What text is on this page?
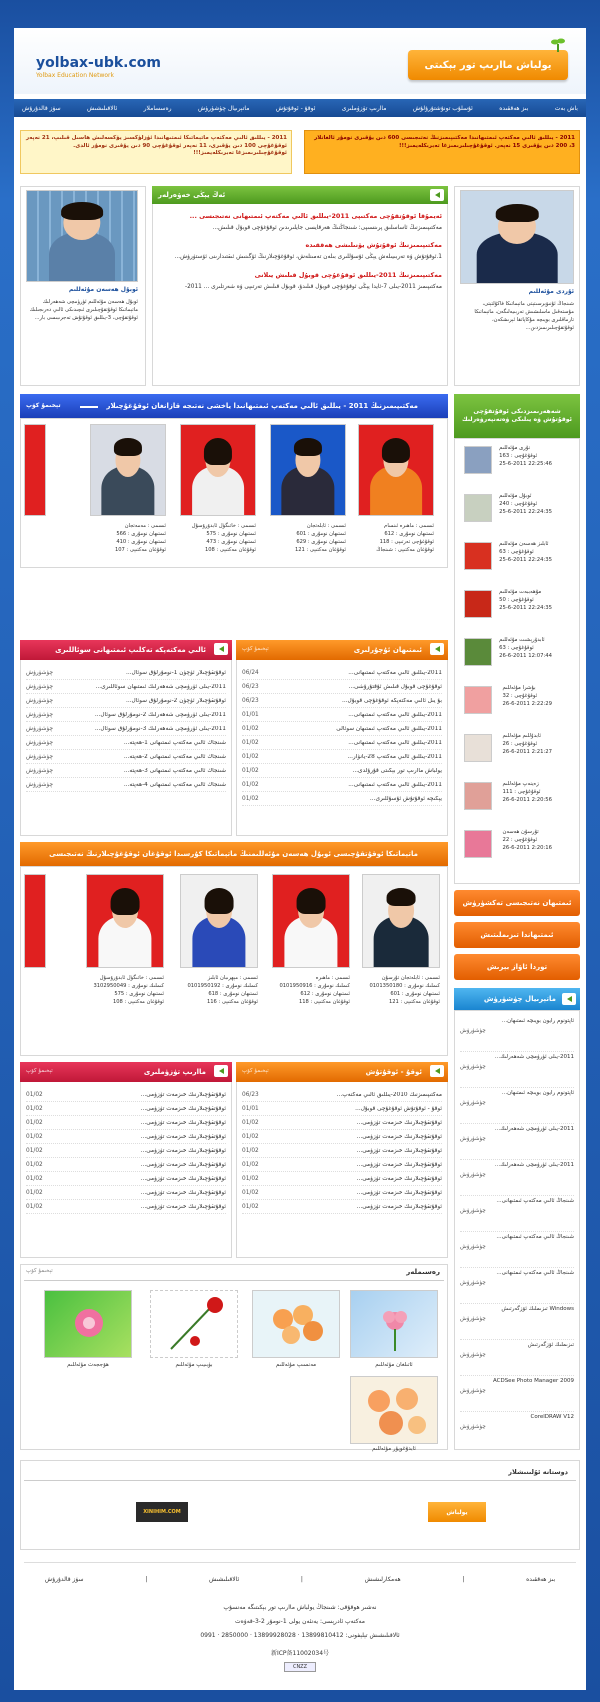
yolbax-ubk.com
Yolbax Education Network
يولباش ماارىپ تور بېكىتى
باش بەت
بىز ھەققىدە
ئۇسلۇب تونۇشتۇرۇلۇش
ماارىپ تۈزۈملىرى
ئوقۇ - ئوقۇتۇش
ماتېرىيال چۈشۈرۈش
رەسساملار
ئالاقىلىشىش
سۆز قالدۇرۇش
2011 - يىللىق ئالىي مەكتەپ ماتېماتىكا ئىمتىھانىدا ئۈزلۈكسىز يۈكسەلىش ھاسىل قىلىپ، 21 نەپەر ئوقۇغۇچى 100 دىن يۇقىرى، 11 نەپەر ئوقۇغۇچى 90 دىن يۇقىرى نومۇر ئالدى. ئوقۇغۇچىلىرىمىزغا تەبرىكلەيمىز!!!
2011 - يىللىق ئالىي مەكتەپ ئىمتىھانىدا مەكتىپىمىزنىڭ نەتىجىسى 600 دىن يۇقىرى نومۇر ئالغانلار 3، 200 دىن يۇقىرى 15 نەپەر. ئوقۇغۇچىلىرىمىزغا تەبرىكلەيمىز!!!
ئوبۇل ھەسەن مۇئەللىم
ئوبۇل ھەسەن مۇئەللىم ئۈرۈمچى شەھەرلىك ماتېماتىكا ئوقۇتقۇچىلىرى ئىچىدىكى ئالىي دەرىجىلىك ئوقۇتقۇچى، 3-يىللىق ئوقۇتۇش تەجرىبىسى بار...
ئۇردى مۇئەللىم
شىنجاڭ ئۇنىۋېرسىتېتى ماتېماتىكا فاكۇلتېتى، مۇستەقىل ماسلىشىش تەربىيەلىگەن، ماتېماتىكا تارماقلىرى بويىچە مۇكاپاتقا ئېرىشكەن، ئوقۇتقۇچىلىرىمىزدىن...
ئەڭ يېڭى خەۋەرلەر
ئەيمۇقا ئوقۇتقۇچى مەكتىپى 2011-يىللىق ئالىي مەكتەپ ئىمتىھانى نەتىجىسى ...
مەكتىپىمىزنىڭ ئاساسلىق پرىنسىپى: شىنجاڭنىڭ ھەرقايسى جايلىرىدىن ئوقۇغۇچى قوبۇل قىلىش...
مەكتىپىمىزنىڭ ئوقۇتۇش يۆنىلىشى ھەققىدە
1.ئوقۇتۇش ۋە تەربىيىلەش يېڭى ئۇسۇللىرى بىلەن تەمىنلەش، ئوقۇغۇچىلارنىڭ ئۆگىنىش ئىقتىدارىنى ئۆستۈرۈش...
مەكتىپىمىزنىڭ 2011-يىللىق ئوقۇغۇچى قوبۇل قىلىش يىلانى
مەكتىپىمىز 2011-يىلى 7-ئايدا يېڭى ئوقۇغۇچى قوبۇل قىلىدۇ، قوبۇل قىلىش تەرتىپى ۋە شەرتلىرى ... 2011-
مەكتىپىمىزنىڭ 2011 - يىللىق ئالىي مەكتەپ ئىمتىھانىدا ياخشى نەتىجە قازانغان ئوقۇغۇچىلار
تېخىمۇ كۆپ
ئىسمى : ماھىرە ئىنسام
ئىمتىھان نومۇرى : 612
ئوقۇغۇچى تەرتىپى : 118
ئوقۇغان مەكتىپى : شىنجاڭ
ئىسمى : ئابلەتجان
ئىمتىھان نومۇرى : 601
ئىمتىھان نومۇرى : 629
ئوقۇغان مەكتىپى : 121
ئىسمى : خاتىگۈل ئابدۇرۇسۇل
ئىمتىھان نومۇرى : 575
ئىمتىھان نومۇرى : 473
ئوقۇغان مەكتىپى : 108
ئىسمى : مەمەتجان
ئىمتىھان نومۇرى : 566
ئىمتىھان نومۇرى : 410
ئوقۇغان مەكتىپى : 107
شەھەرىمىزدىكى ئوقۇتقۇچى ئوقۇتۇش ۋە يىلىكى ۋەتەنپەرۋەرلىك
نۇرى مۇئەللىم
ئوقۇغۇچى : 163
22:25:46 25-6-2011
ئوبۇل مۇئەللىم
ئوقۇغۇچى : 240
22:24:35 25-6-2011
ئابلىز ھەسەن مۇئەللىم
ئوقۇغۇچى : 63
22:24:35 25-6-2011
مۇھەببەت مۇئەللىم
ئوقۇغۇچى : 50
22:24:35 25-6-2011
ئابدۇرېشىت مۇئەللىم
ئوقۇغۇچى : 63
12:07:44 26-6-2011
بۇشرا مۇئەللىم
ئوقۇغۇچى : 32
2:22:29 26-6-2011
ئابدۇللىم مۇئەللىم
ئوقۇغۇچى : 26
2:21:27 26-6-2011
زەينەپ مۇئەللىم
ئوقۇغۇچى : 111
2:20:56 26-6-2011
تۇرسۇن ھەسەن
ئوقۇغۇچى : 22
2:20:16 26-6-2011
ئالىي مەكتەپكە تەكلىپ ئىمتىھانى سوئاللىرى
چۈشۈرۈش	ئوقۇتقۇچىلار ئۈچۈن 1-نومۇرلۇق سوئال...
چۈشۈرۈش	2011-يىلى ئۈرۈمچى شەھەرلىك ئىمتىھان سوئاللىرى...
چۈشۈرۈش	ئوقۇتقۇچىلار ئۈچۈن 2-نومۇرلۇق سوئال...
چۈشۈرۈش	2011-يىلى ئۈرۈمچى شەھەرلىك 2-نومۇرلۇق سوئال...
چۈشۈرۈش	2011-يىلى ئۈرۈمچى شەھەرلىك 3-نومۇرلۇق سوئال...
چۈشۈرۈش	شىنجاڭ ئالىي مەكتەپ ئىمتىھانى 1-ھەپتە...
چۈشۈرۈش	شىنجاڭ ئالىي مەكتەپ ئىمتىھانى 2-ھەپتە...
چۈشۈرۈش	شىنجاڭ ئالىي مەكتەپ ئىمتىھانى 3-ھەپتە...
چۈشۈرۈش	شىنجاڭ ئالىي مەكتەپ ئىمتىھانى 4-ھەپتە...
ئىمتىھان ئۇچۇرلىرى
تېخىمۇ كۆپ
06/24	2011-يىللىق ئالىي مەكتەپ ئىمتىھانى...
06/23	ئوقۇغۇچى قوبۇل قىلىش ئۇقتۇرۇشى...
06/23	بۇ يىل ئالىي مەكتەپكە ئوقۇغۇچى قوبۇل...
01/01	2011-يىللىق ئالىي مەكتەپ ئىمتىھانى...
01/02	2011-يىللىق ئالىي مەكتەپ ئىمتىھان سوئالى
01/02	2011-يىللىق ئالىي مەكتەپ ئىمتىھانى...
01/02	2011-يىللىق ئالىي مەكتەپ 28-يانۋار...
01/02	يولباش ماارىپ تور بېكىتى قۇرۇلدى...
01/02	2011-يىللىق ئالىي مەكتەپ ئىمتىھانى...
01/02	يېڭىچە ئوقۇتۇش ئۇسۇللىرى...
ماتېماتىكا ئوقۇتقۇچىسى ئوبۇل ھەسەن مۇئەللىمنىڭ ماتېماتىكا كۇرسىدا ئوقۇغان ئوقۇغۇچىلارنىڭ نەتىجىسى
ئىسمى : ئابلەتجان تۇرسۇن
كىملىك نومۇرى : 0101350180
ئىمتىھان نومۇرى : 601
ئوقۇغان مەكتىپى : 121
ئىسمى : ماھىرە
كىملىك نومۇرى : 0101950916
ئىمتىھان نومۇرى : 612
ئوقۇغان مەكتىپى : 118
ئىسمى : مېھرىبان ئابلىز
كىملىك نومۇرى : 0101950192
ئىمتىھان نومۇرى : 618
ئوقۇغان مەكتىپى : 116
ئىسمى : خاتىگۈل ئابدۇرۇسۇل
كىملىك نومۇرى : 3102950049
ئىمتىھان نومۇرى : 575
ئوقۇغان مەكتىپى : 108
ئىمتىھان نەتىجىسى تەكشۈرۈش
ئىمتىھاندا تىزىملىتىش
توردا ئاۋاز بېرىش
ماتېرىيال چۈشۈرۈش
ئاپتونوم رايون بويىچە ئىمتىھان...
چۈشۈرۈش
2011-يىلى ئۈرۈمچى شەھەرلىك...
چۈشۈرۈش
ئاپتونوم رايون بويىچە ئىمتىھان...
چۈشۈرۈش
2011-يىلى ئۈرۈمچى شەھەرلىك...
چۈشۈرۈش
2011-يىلى ئۈرۈمچى شەھەرلىك...
چۈشۈرۈش
شىنجاڭ ئالىي مەكتەپ ئىمتىھانى...
چۈشۈرۈش
شىنجاڭ ئالىي مەكتەپ ئىمتىھانى...
چۈشۈرۈش
شىنجاڭ ئالىي مەكتەپ ئىمتىھانى...
چۈشۈرۈش
Windows تىزىملىك ئۆزگەرتىش
چۈشۈرۈش
تىزىملىك ئۆزگەرتىش
چۈشۈرۈش
ACDSee Photo Manager 2009
چۈشۈرۈش
CorelDRAW V12
چۈشۈرۈش
ماارىپ تۈزۈملىرى
تېخىمۇ كۆپ
01/02	ئوقۇتقۇچىلارنىڭ خىزمەت تۈزۈمى...
01/02	ئوقۇتقۇچىلارنىڭ خىزمەت تۈزۈمى...
01/02	ئوقۇتقۇچىلارنىڭ خىزمەت تۈزۈمى...
01/02	ئوقۇتقۇچىلارنىڭ خىزمەت تۈزۈمى...
01/02	ئوقۇتقۇچىلارنىڭ خىزمەت تۈزۈمى...
01/02	ئوقۇتقۇچىلارنىڭ خىزمەت تۈزۈمى...
01/02	ئوقۇتقۇچىلارنىڭ خىزمەت تۈزۈمى...
01/02	ئوقۇتقۇچىلارنىڭ خىزمەت تۈزۈمى...
01/02	ئوقۇتقۇچىلارنىڭ خىزمەت تۈزۈمى...
ئوقۇ - ئوقۇتۇش
تېخىمۇ كۆپ
06/23	مەكتىپىمىزنىڭ 2010-يىللىق ئالىي مەكتەپ...
01/01	ئوقۇ - ئوقۇتۇش ئوقۇغۇچى قوبۇل...
01/02	ئوقۇتقۇچىلارنىڭ خىزمەت تۈزۈمى...
01/02	ئوقۇتقۇچىلارنىڭ خىزمەت تۈزۈمى...
01/02	ئوقۇتقۇچىلارنىڭ خىزمەت تۈزۈمى...
01/02	ئوقۇتقۇچىلارنىڭ خىزمەت تۈزۈمى...
01/02	ئوقۇتقۇچىلارنىڭ خىزمەت تۈزۈمى...
01/02	ئوقۇتقۇچىلارنىڭ خىزمەت تۈزۈمى...
01/02	ئوقۇتقۇچىلارنىڭ خىزمەت تۈزۈمى...
رەسىملەر
تېخىمۇ كۆپ
ئاتىلغان مۇئەللىم
مەنسىپ مۇئەللىم
بۈبىيىپ مۇئەللىم
ھۆججەت مۇئەللىم
ئابدۇغوپۇر مۇئەللىم
دوستانە ئۇلىنىشلار
يولباش
XINIHIM.COM
بىز ھەققىدە
|
ھەمكارلىشىش
|
ئالاقىلىشىش
|
سۆز قالدۇرۇش
نەشىر ھوقۇقى: شىنجاڭ يولباش ماارىپ تور بېكىتىگە مەنسۇپ
مەكتەپ ئادرېسى: يەنئەن يولى 1-نومۇر 2-3-قەۋەت
ئالاقىلىشىش تېلېفونى: 13899810412 · 13899928028 · 2850000 · 0991
新ICP备11002034号
CNZZ
